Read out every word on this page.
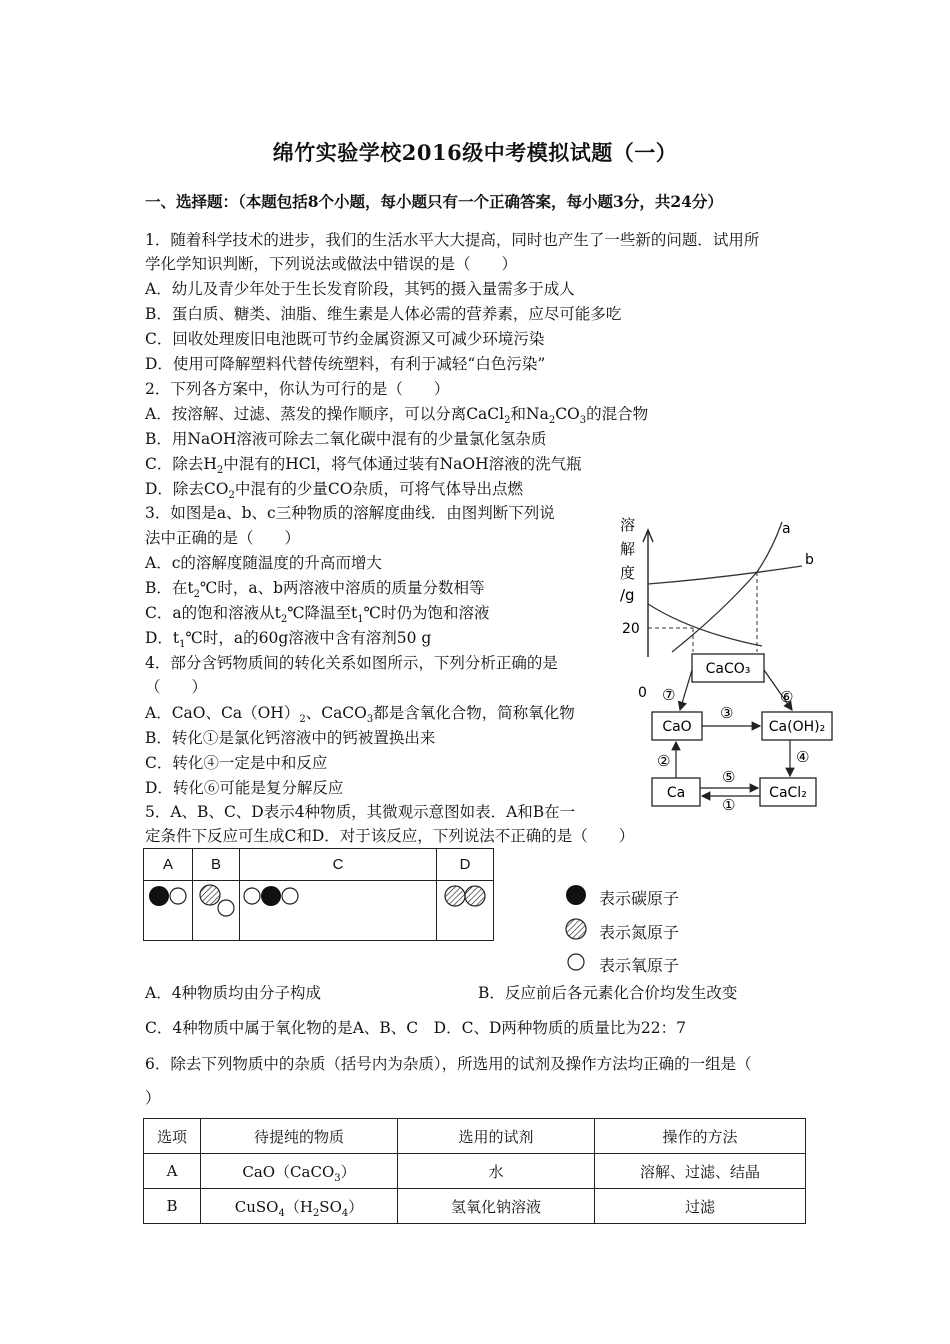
绵竹实验学校2016级中考模拟试题（一）
一、选择题：（本题包括8个小题，每小题只有一个正确答案，每小题3分，共24分）
1．随着科学技术的进步，我们的生活水平大大提高，同时也产生了一些新的问题．试用所
学化学知识判断，下列说法或做法中错误的是（　　）
A．幼儿及青少年处于生长发育阶段，其钙的摄入量需多于成人
B．蛋白质、糖类、油脂、维生素是人体必需的营养素，应尽可能多吃
C．回收处理废旧电池既可节约金属资源又可减少环境污染
D．使用可降解塑料代替传统塑料，有利于减轻“白色污染”
2．下列各方案中，你认为可行的是（　　）
A．按溶解、过滤、蒸发的操作顺序，可以分离CaCl$_2$和$Na_2CO_3$的混合物
B．用NaOH溶液可除去二氧化碳中混有的少量氯化氢杂质
C．除去$H_2$中混有的HCl，将气体通过装有NaOH溶液的洗气瓶
D．除去$CO_2$中混有的少量CO杂质，可将气体导出点燃
3．如图是a、b、c三种物质的溶解度曲线．由图判断下列说
法中正确的是（　　）
A．c的溶解度随温度的升高而增大
B．在$t_2℃$时，a、b两溶液中溶质的质量分数相等
C．a的饱和溶液从$t_2℃$降温至$t_1℃$时仍为饱和溶液
D．$t_1℃$时，a的60g溶液中含有溶剂50 g
4．部分含钙物质间的转化关系如图所示，下列分析正确的是
（　　）
A．CaO、$Ca(OH)_2$、CaCO$_3$都是含氧化合物，简称氧化物
B．转化①是氯化钙溶液中的钙被置换出来
C．转化④一定是中和反应
D．转化⑥可能是复分解反应
溶
解
度
/g
20
a
b
0
CaCO₃
CaO	Ca(OH)₂
Ca	CaCl₂
⑦	⑥
③
②	④
⑤
①
5．A、B、C、D表示4种物质，其微观示意图如表．A和B在一
定条件下反应可生成C和D．对于该反应，下列说法不正确的是（　　）
A	B	C	D

表示碳原子
表示氮原子
表示氧原子
A．4种物质均由分子构成	B．反应前后各元素化合价均发生改变
C．4种物质中属于氧化物的是A、B、C　D．C、D两种物质的质量比为22：7
6．除去下列物质中的杂质（括号内为杂质），所选用的试剂及操作方法均正确的一组是（
）
选项	待提纯的物质	选用的试剂	操作的方法
A	CaO（CaCO$_3$）	水	溶解、过滤、结晶
B	$CuSO_4(H_2SO_4)$	氢氧化钠溶液	过滤
